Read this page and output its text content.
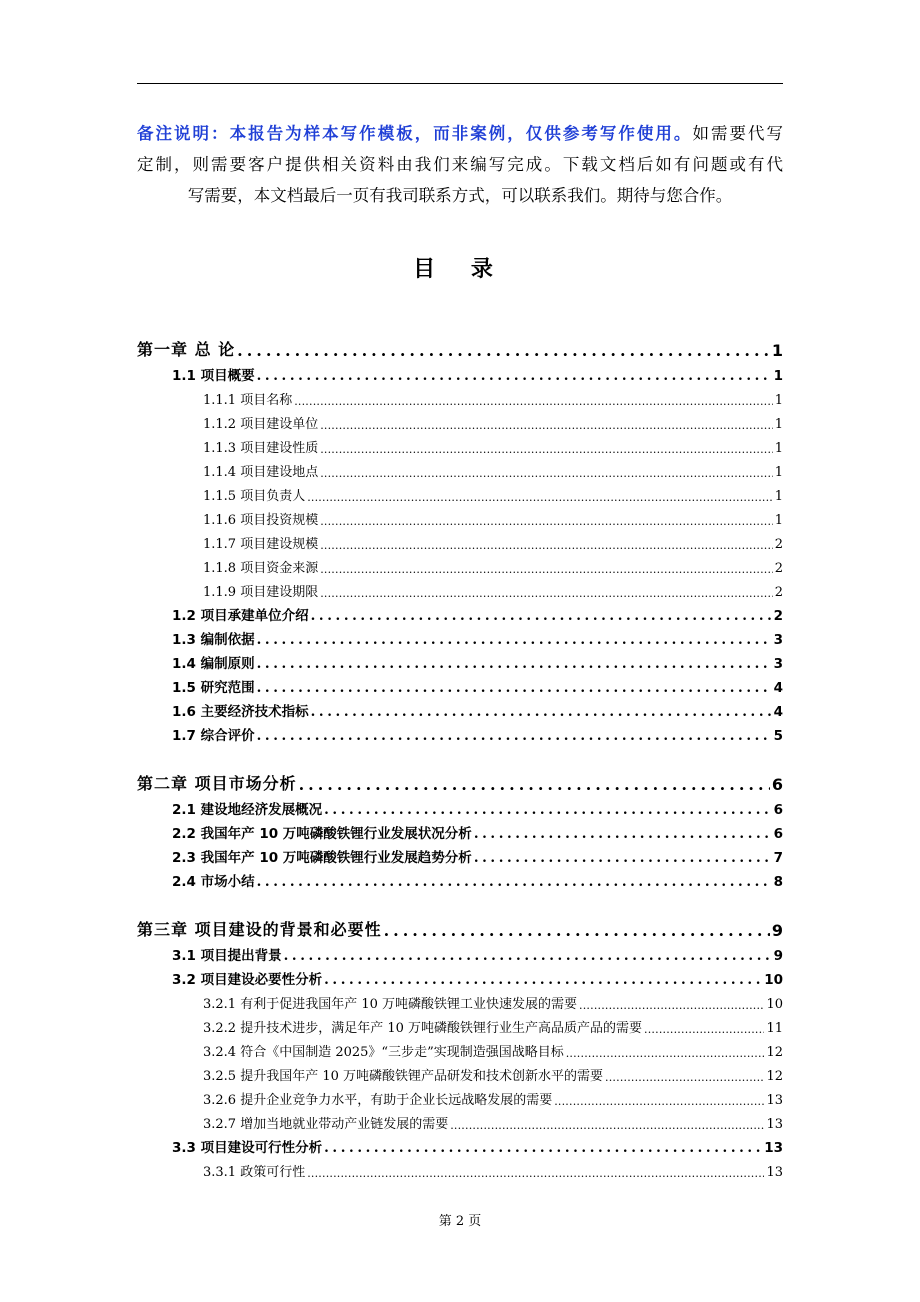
备注说明：本报告为样本写作模板，而非案例，仅供参考写作使用。如需要代写

定制，则需要客户提供相关资料由我们来编写完成。下载文档后如有问题或有代

写需要，本文档最后一页有我司联系方式，可以联系我们。期待与您合作。

目 录
第一章 总 论 .....	1
1.1 项目概要 .....	1
1.1.1 项目名称 .....	1
1.1.2 项目建设单位 .....	1
1.1.3 项目建设性质 .....	1
1.1.4 项目建设地点 .....	1
1.1.5 项目负责人 .....	1
1.1.6 项目投资规模 .....	1
1.1.7 项目建设规模 .....	2
1.1.8 项目资金来源 .....	2
1.1.9 项目建设期限 .....	2
1.2 项目承建单位介绍 .....	2
1.3 编制依据 .....	3
1.4 编制原则 .....	3
1.5 研究范围 .....	4
1.6 主要经济技术指标 .....	4
1.7 综合评价 .....	5
第二章 项目市场分析 .....	6
2.1 建设地经济发展概况 .....	6
2.2 我国年产 10 万吨磷酸铁锂行业发展状况分析 .....	6
2.3 我国年产 10 万吨磷酸铁锂行业发展趋势分析 .....	7
2.4 市场小结 .....	8
第三章 项目建设的背景和必要性 .....	9
3.1 项目提出背景 .....	9
3.2 项目建设必要性分析 .....	10
3.2.1 有利于促进我国年产 10 万吨磷酸铁锂工业快速发展的需要 .....	10
3.2.2 提升技术进步，满足年产 10 万吨磷酸铁锂行业生产高品质产品的需要 .....	11
3.2.4 符合《中国制造 2025》“三步走”实现制造强国战略目标 .....	12
3.2.5 提升我国年产 10 万吨磷酸铁锂产品研发和技术创新水平的需要 .....	12
3.2.6 提升企业竞争力水平，有助于企业长远战略发展的需要 .....	13
3.2.7 增加当地就业带动产业链发展的需要 .....	13
3.3 项目建设可行性分析 .....	13
3.3.1 政策可行性 .....	13
第 2 页
